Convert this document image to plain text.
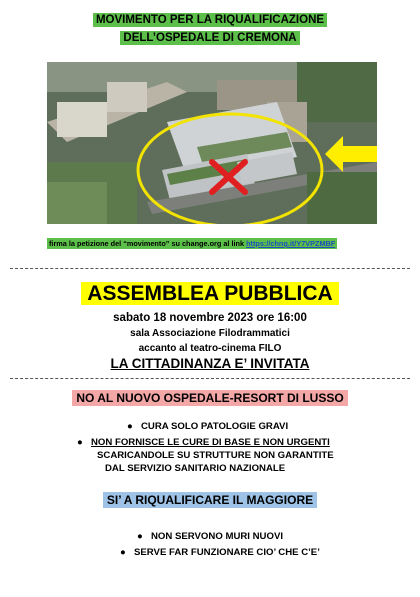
MOVIMENTO PER LA RIQUALIFICAZIONE
DELL’OSPEDALE DI CREMONA
firma la petizione del “movimento” su change.org al link https://chng.it/Y7VPZMBF
ASSEMBLEA PUBBLICA
sabato 18 novembre 2023 ore 16:00
sala Associazione Filodrammatici
accanto al teatro-cinema FILO
LA CITTADINANZA E’ INVITATA
NO AL NUOVO OSPEDALE-RESORT DI LUSSO
● CURA SOLO PATOLOGIE GRAVI
● NON FORNISCE LE CURE DI BASE E NON URGENTI
SCARICANDOLE SU STRUTTURE NON GARANTITE
DAL SERVIZIO SANITARIO NAZIONALE
SI’ A RIQUALIFICARE IL MAGGIORE
● NON SERVONO MURI NUOVI
● SERVE FAR FUNZIONARE CIO’ CHE C’E’
